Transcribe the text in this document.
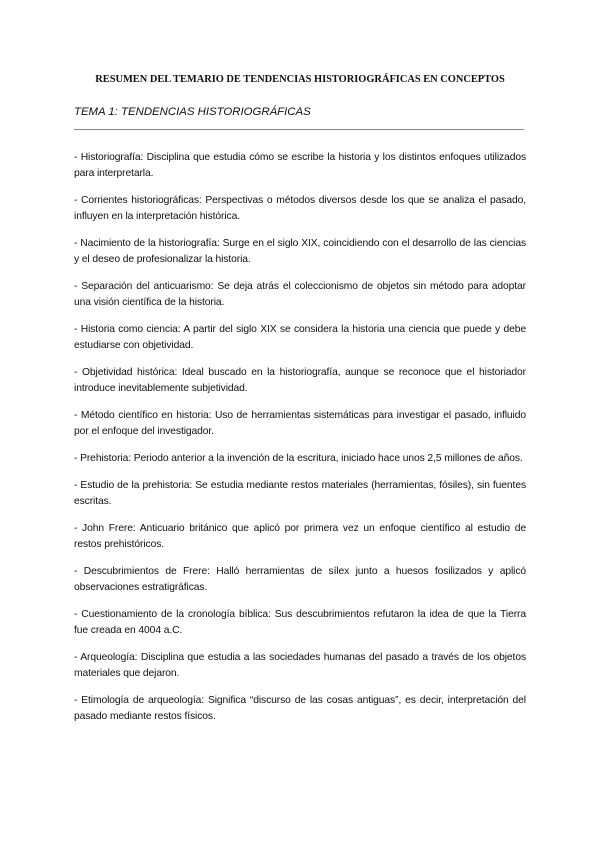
RESUMEN DEL TEMARIO DE TENDENCIAS HISTORIOGRÁFICAS EN CONCEPTOS
TEMA 1: TENDENCIAS HISTORIOGRÁFICAS
- Historiografía: Disciplina que estudia cómo se escribe la historia y los distintos enfoques utilizados para interpretarla.
- Corrientes historiográficas: Perspectivas o métodos diversos desde los que se analiza el pasado, influyen en la interpretación histórica.
- Nacimiento de la historiografía: Surge en el siglo XIX, coincidiendo con el desarrollo de las ciencias y el deseo de profesionalizar la historia.
- Separación del anticuarismo: Se deja atrás el coleccionismo de objetos sin método para adoptar una visión científica de la historia.
- Historia como ciencia: A partir del siglo XIX se considera la historia una ciencia que puede y debe estudiarse con objetividad.
- Objetividad histórica: Ideal buscado en la historiografía, aunque se reconoce que el historiador introduce inevitablemente subjetividad.
- Método científico en historia: Uso de herramientas sistemáticas para investigar el pasado, influido por el enfoque del investigador.
- Prehistoria: Periodo anterior a la invención de la escritura, iniciado hace unos 2,5 millones de años.
- Estudio de la prehistoria: Se estudia mediante restos materiales (herramientas, fósiles), sin fuentes escritas.
- John Frere: Anticuario británico que aplicó por primera vez un enfoque científico al estudio de restos prehistóricos.
- Descubrimientos de Frere: Halló herramientas de sílex junto a huesos fosilizados y aplicó observaciones estratigráficas.
- Cuestionamiento de la cronología bíblica: Sus descubrimientos refutaron la idea de que la Tierra fue creada en 4004 a.C.
- Arqueología: Disciplina que estudia a las sociedades humanas del pasado a través de los objetos materiales que dejaron.
- Etimología de arqueología: Significa “discurso de las cosas antiguas”, es decir, interpretación del pasado mediante restos físicos.
